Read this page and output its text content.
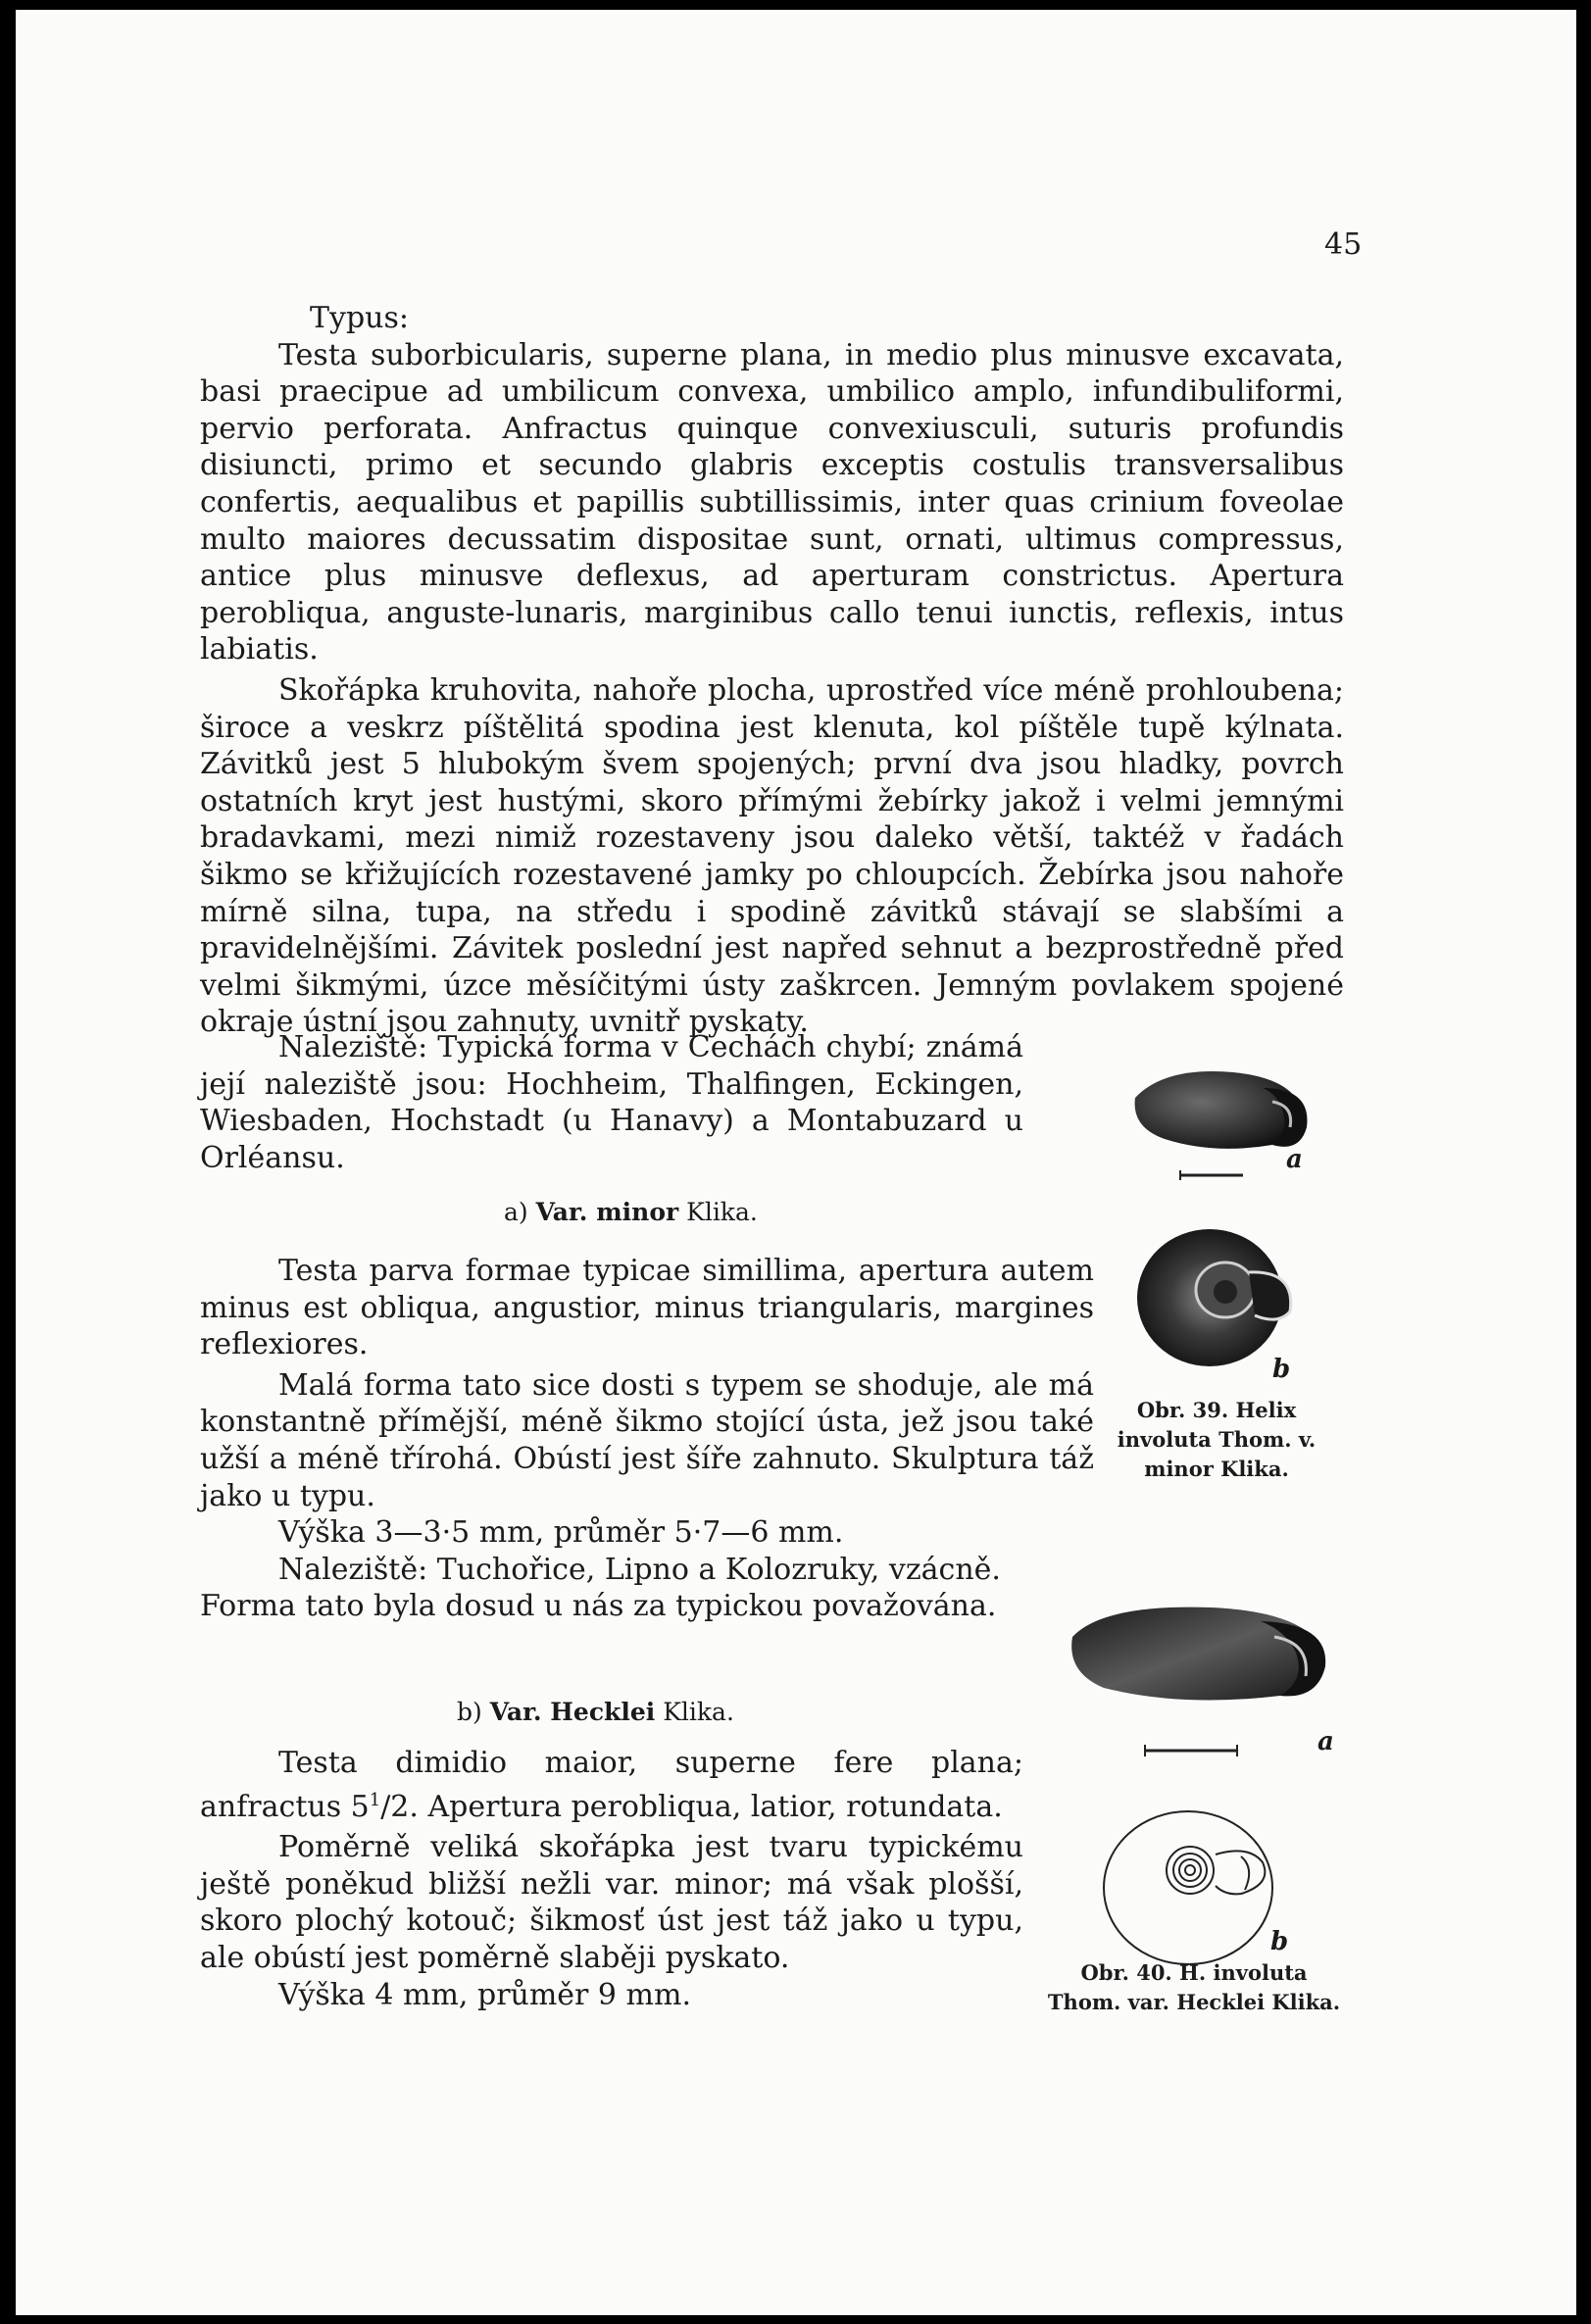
45

Typus:

Testa suborbicularis, superne plana, in medio plus minusve excavata, basi praecipue ad umbilicum convexa, umbilico amplo, infundibuliformi, pervio perforata. Anfractus quinque convexiusculi, suturis profundis disiuncti, primo et secundo glabris exceptis costulis transversalibus confertis, aequalibus et papillis subtillissimis, inter quas crinium foveolae multo maiores decussatim dispositae sunt, ornati, ultimus compressus, antice plus minusve deflexus, ad aperturam constrictus. Apertura perobliqua, anguste-lunaris, marginibus callo tenui iunctis, reflexis, intus labiatis.

Skořápka kruhovita, nahoře plocha, uprostřed více méně prohloubena; široce a veskrz píštělitá spodina jest klenuta, kol píštěle tupě kýlnata. Závitků jest 5 hlubokým švem spojených; první dva jsou hladky, povrch ostatních kryt jest hustými, skoro přímými žebírky jakož i velmi jemnými bradavkami, mezi nimiž rozestaveny jsou daleko větší, taktéž v řadách šikmo se křižujících rozestavené jamky po chloupcích. Žebírka jsou nahoře mírně silna, tupa, na středu i spodině závitků stávají se slabšími a pravidelnějšími. Závitek poslední jest napřed sehnut a bezprostředně před velmi šikmými, úzce měsíčitými ústy zaškrcen. Jemným povlakem spojené okraje ústní jsou zahnuty, uvnitř pyskaty.

Naleziště: Typická forma v Čechách chybí; známá její naleziště jsou: Hochheim, Thalfingen, Eckingen, Wiesbaden, Hochstadt (u Hanavy) a Montabuzard u Orléansu.

a) Var. minor Klika.

Testa parva formae typicae simillima, apertura autem minus est obliqua, angustior, minus triangularis, margines reflexiores.

Malá forma tato sice dosti s typem se shoduje, ale má konstantně přímější, méně šikmo stojící ústa, jež jsou také užší a méně třírohá. Obústí jest šíře zahnuto. Skulptura táž jako u typu.

Výška 3—3·5 mm, průměr 5·7—6 mm.

Naleziště: Tuchořice, Lipno a Kolozruky, vzácně.

Forma tato byla dosud u nás za typickou považována.

b) Var. Hecklei Klika.

Testa dimidio maior, superne fere plana; anfractus $5^1/2$. Apertura perobliqua, latior, rotundata.

Poměrně veliká skořápka jest tvaru typickému ještě poněkud bližší nežli var. minor; má však plošší, skoro plochý kotouč; šikmosť úst jest táž jako u typu, ale obústí jest poměrně slaběji pyskato.

Výška 4 mm, průměr 9 mm.

a
b
Obr. 39. Helix involuta Thom. v. minor Klika.
a
b
Obr. 40. H. involuta Thom. var. Hecklei Klika.
